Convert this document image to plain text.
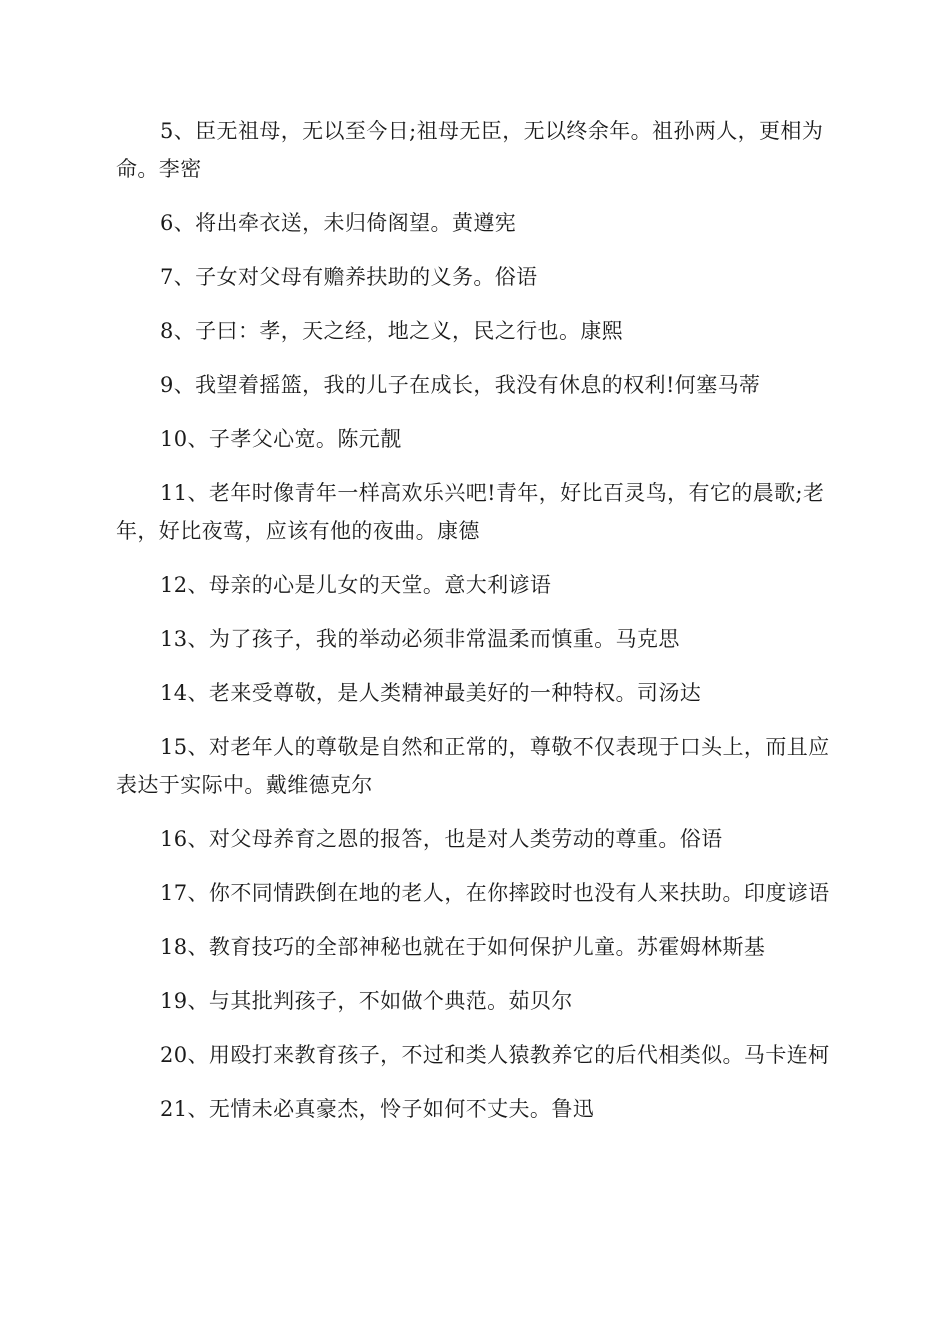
5、臣无祖母，无以至今日;祖母无臣，无以终余年。祖孙两人，更相为命。李密

6、将出牵衣送，未归倚阁望。黄遵宪

7、子女对父母有赡养扶助的义务。俗语

8、子曰：孝，天之经，地之义，民之行也。康熙

9、我望着摇篮，我的儿子在成长，我没有休息的权利!何塞马蒂

10、子孝父心宽。陈元靓

11、老年时像青年一样高欢乐兴吧!青年，好比百灵鸟，有它的晨歌;老年，好比夜莺，应该有他的夜曲。康德

12、母亲的心是儿女的天堂。意大利谚语

13、为了孩子，我的举动必须非常温柔而慎重。马克思

14、老来受尊敬，是人类精神最美好的一种特权。司汤达

15、对老年人的尊敬是自然和正常的，尊敬不仅表现于口头上，而且应表达于实际中。戴维德克尔

16、对父母养育之恩的报答，也是对人类劳动的尊重。俗语

17、你不同情跌倒在地的老人，在你摔跤时也没有人来扶助。印度谚语

18、教育技巧的全部神秘也就在于如何保护儿童。苏霍姆林斯基

19、与其批判孩子，不如做个典范。茹贝尔

20、用殴打来教育孩子，不过和类人猿教养它的后代相类似。马卡连柯

21、无情未必真豪杰，怜子如何不丈夫。鲁迅
